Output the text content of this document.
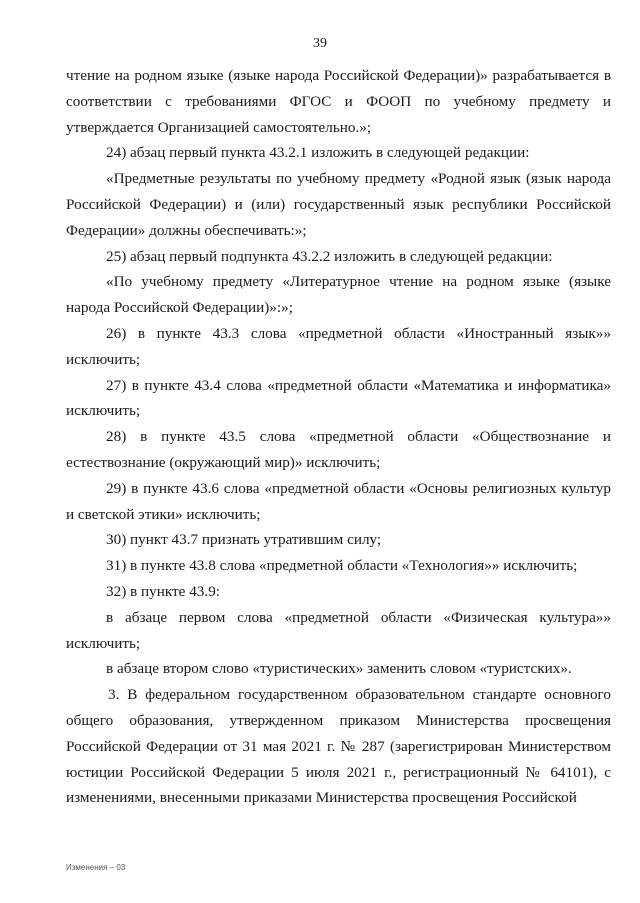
39

чтение на родном языке (языке народа Российской Федерации)» разрабатывается в соответствии с требованиями ФГОС и ФООП по учебному предмету и утверждается Организацией самостоятельно.»;

24) абзац первый пункта 43.2.1 изложить в следующей редакции:

«Предметные результаты по учебному предмету «Родной язык (язык народа Российской Федерации) и (или) государственный язык республики Российской Федерации» должны обеспечивать:»;

25) абзац первый подпункта 43.2.2 изложить в следующей редакции:

«По учебному предмету «Литературное чтение на родном языке (языке народа Российской Федерации)»:»;

26) в пункте 43.3 слова «предметной области «Иностранный язык»» исключить;

27) в пункте 43.4 слова «предметной области «Математика и информатика» исключить;

28) в пункте 43.5 слова «предметной области «Обществознание и естествознание (окружающий мир)» исключить;

29) в пункте 43.6 слова «предметной области «Основы религиозных культур и светской этики» исключить;

30) пункт 43.7 признать утратившим силу;

31) в пункте 43.8 слова «предметной области «Технология»» исключить;

32) в пункте 43.9:

в абзаце первом слова «предметной области «Физическая культура»» исключить;

в абзаце втором слово «туристических» заменить словом «туристских».

3. В федеральном государственном образовательном стандарте основного общего образования, утвержденном приказом Министерства просвещения Российской Федерации от 31 мая 2021 г. № 287 (зарегистрирован Министерством юстиции Российской Федерации 5 июля 2021 г., регистрационный № 64101), с изменениями, внесенными приказами Министерства просвещения Российской

Изменения – 03
